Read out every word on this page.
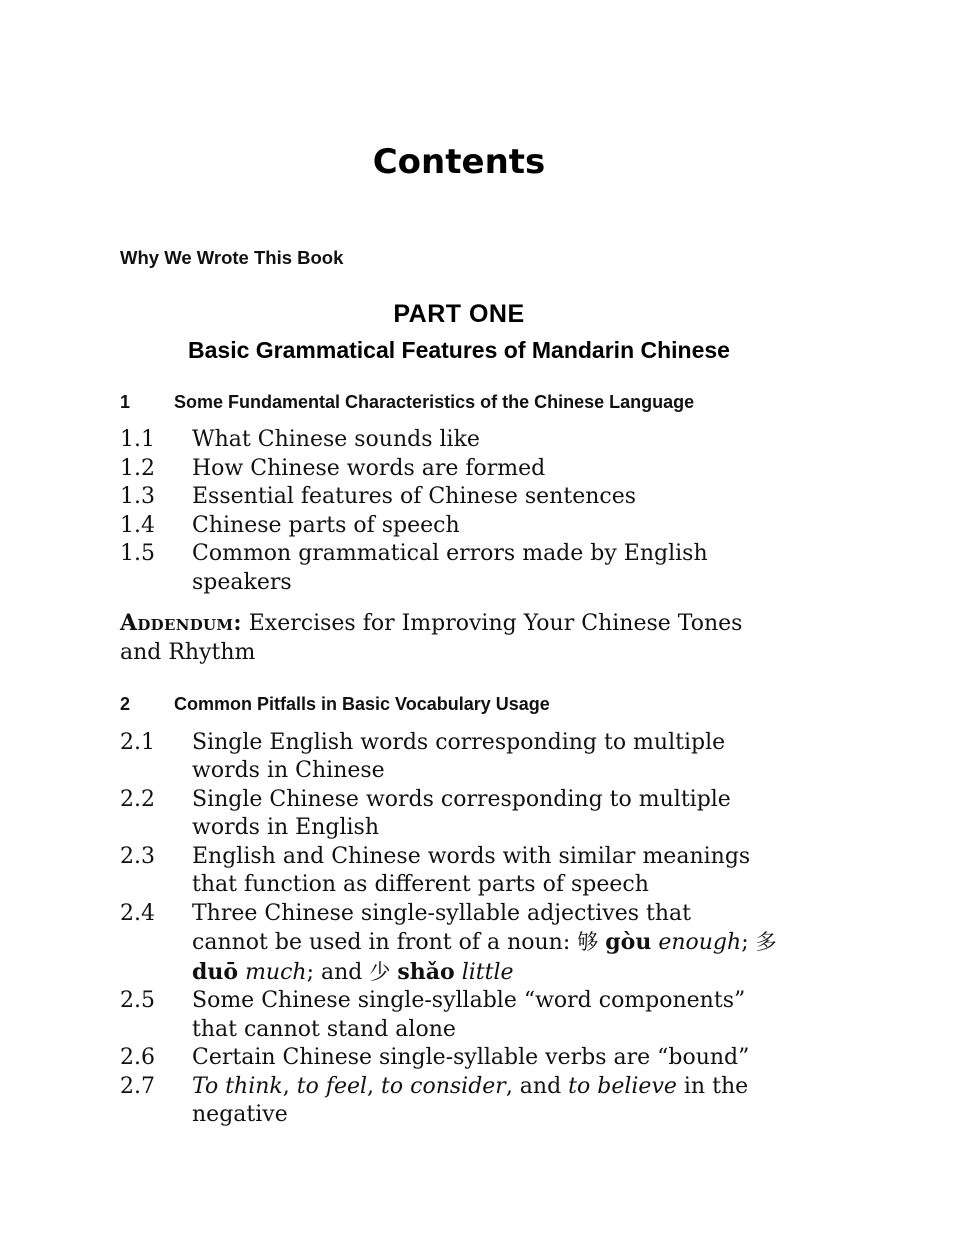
Contents
Why We Wrote This Book
PART ONE
Basic Grammatical Features of Mandarin Chinese
1	Some Fundamental Characteristics of the Chinese Language
1.1	What Chinese sounds like
1.2	How Chinese words are formed
1.3	Essential features of Chinese sentences
1.4	Chinese parts of speech
1.5	Common grammatical errors made by English
speakers
Addendum: Exercises for Improving Your Chinese Tones
and Rhythm
2	Common Pitfalls in Basic Vocabulary Usage
2.1	Single English words corresponding to multiple
words in Chinese
2.2	Single Chinese words corresponding to multiple
words in English
2.3	English and Chinese words with similar meanings
that function as different parts of speech
2.4	Three Chinese single-syllable adjectives that
cannot be used in front of a noun: 够 gòu enough; 多
duō much; and 少 shǎo little
2.5	Some Chinese single-syllable “word components”
that cannot stand alone
2.6	Certain Chinese single-syllable verbs are “bound”
2.7	To think, to feel, to consider, and to believe in the
negative
